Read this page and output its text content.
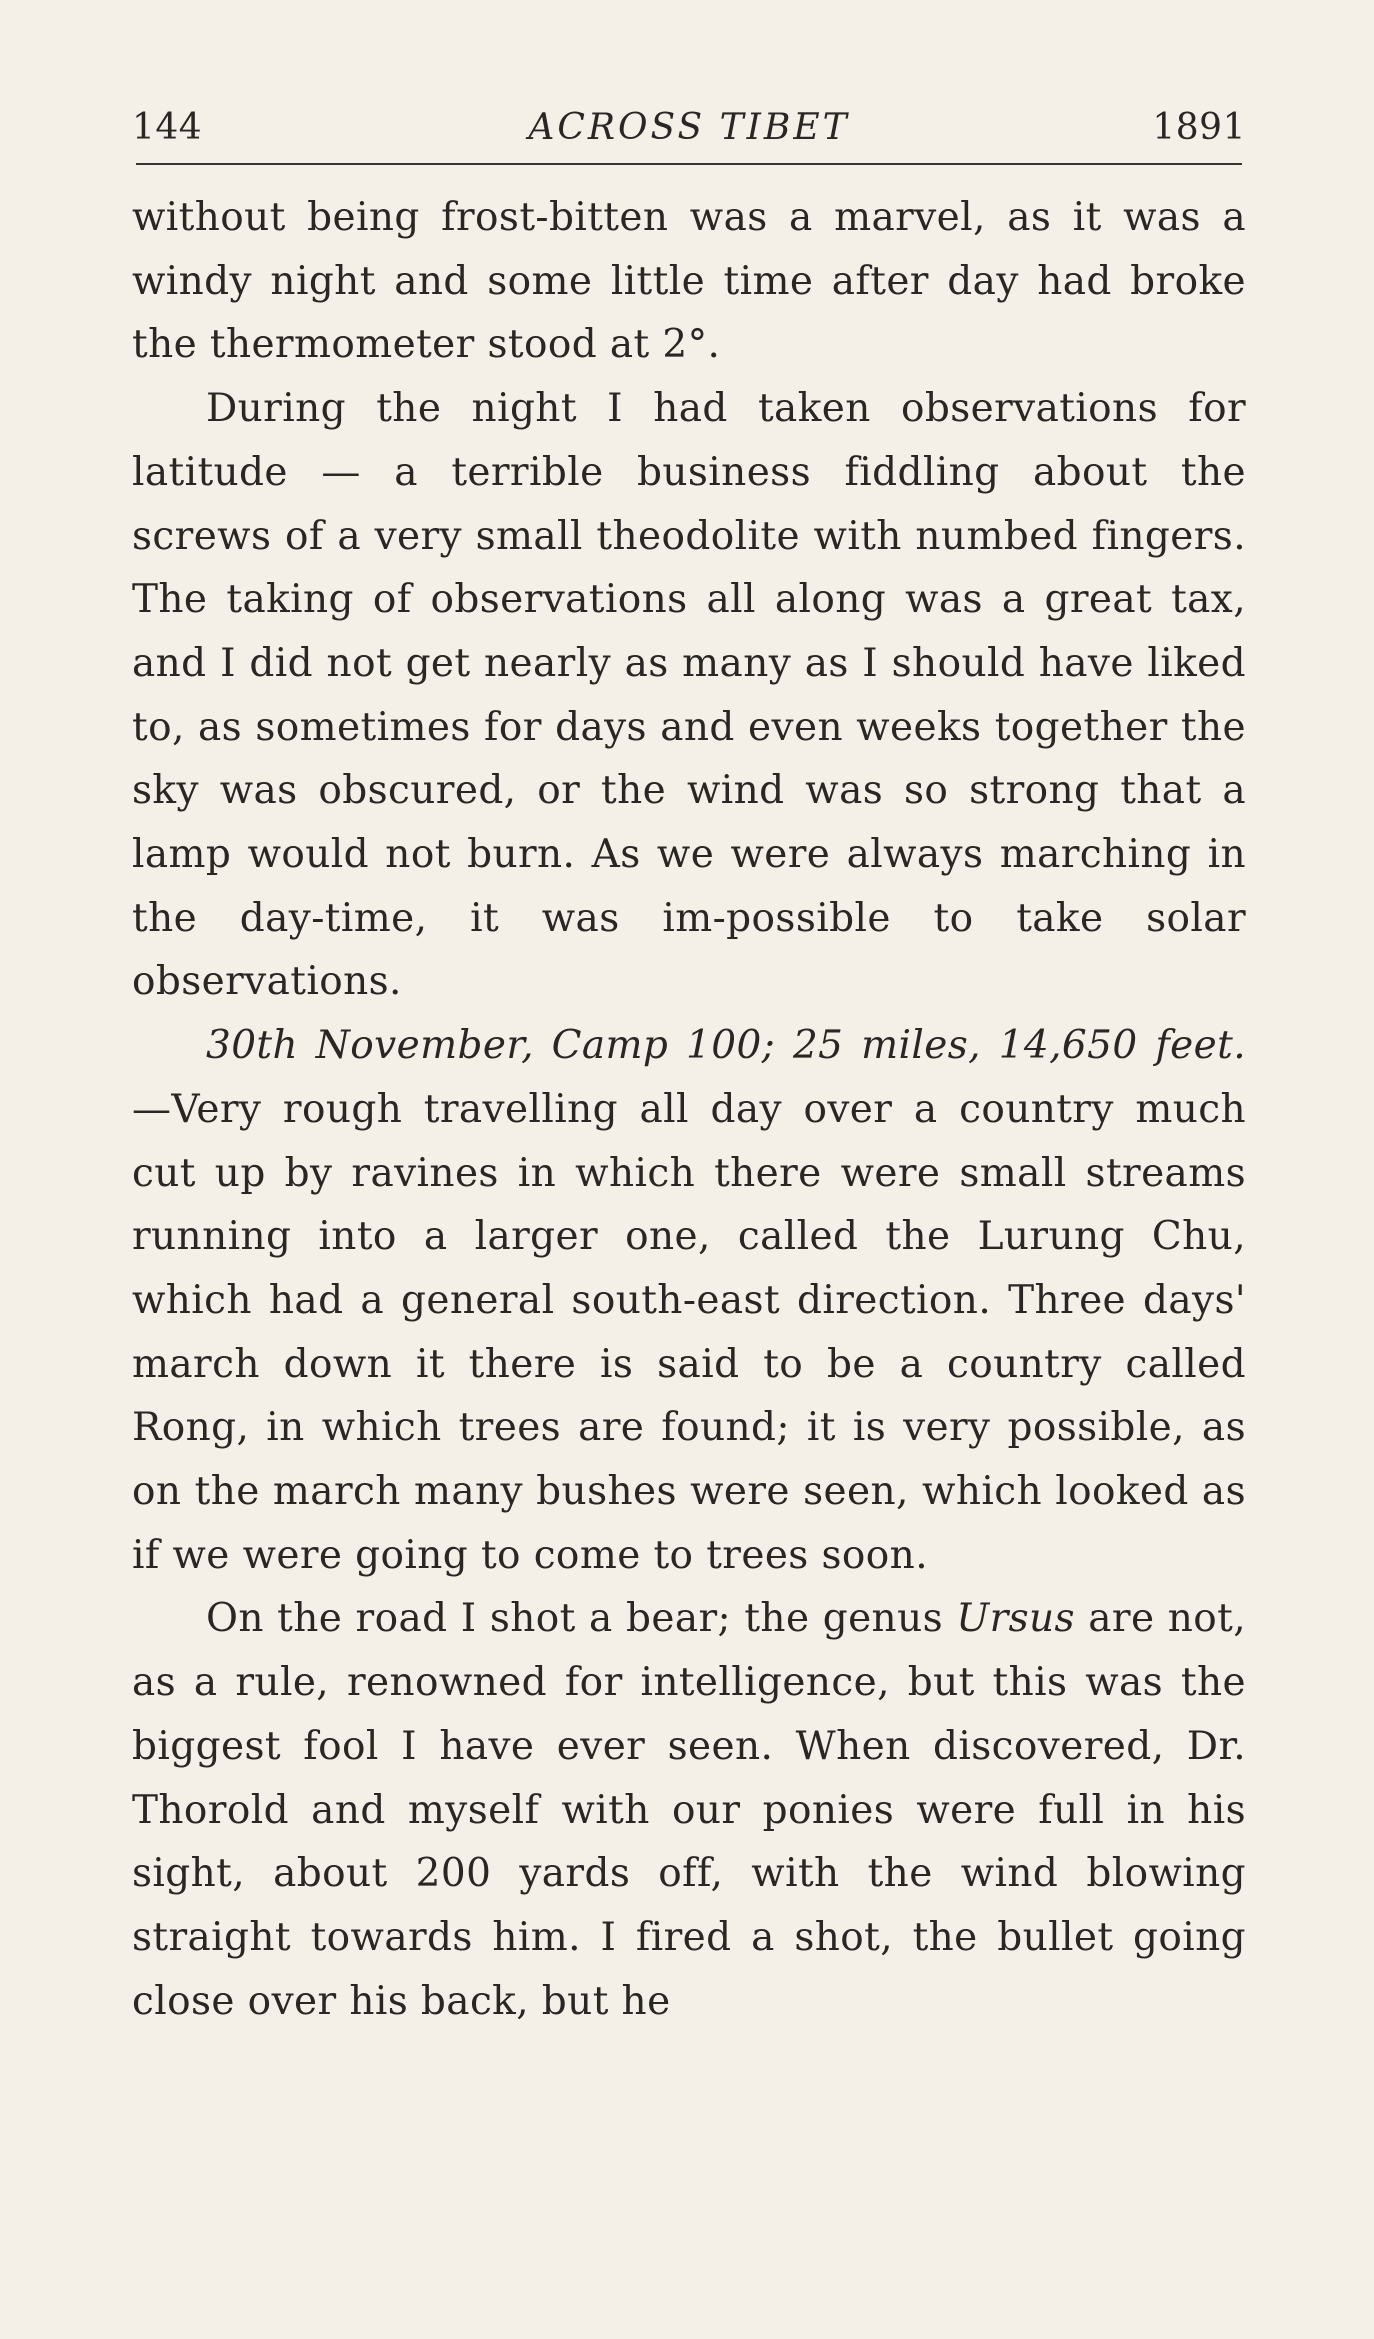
144	ACROSS TIBET	1891

without being frost-bitten was a marvel, as it was a windy night and some little time after day had broke the thermometer stood at 2°.

During the night I had taken observations for latitude — a terrible business fiddling about the screws of a very small theodolite with numbed fingers. The taking of observations all along was a great tax, and I did not get nearly as many as I should have liked to, as sometimes for days and even weeks together the sky was obscured, or the wind was so strong that a lamp would not burn. As we were always marching in the day-time, it was im-possible to take solar observations.

30th November, Camp 100; 25 miles, 14,650 feet.—Very rough travelling all day over a country much cut up by ravines in which there were small streams running into a larger one, called the Lurung Chu, which had a general south-east direction. Three days' march down it there is said to be a country called Rong, in which trees are found; it is very possible, as on the march many bushes were seen, which looked as if we were going to come to trees soon.

On the road I shot a bear; the genus Ursus are not, as a rule, renowned for intelligence, but this was the biggest fool I have ever seen. When discovered, Dr. Thorold and myself with our ponies were full in his sight, about 200 yards off, with the wind blowing straight towards him. I fired a shot, the bullet going close over his back, but he
